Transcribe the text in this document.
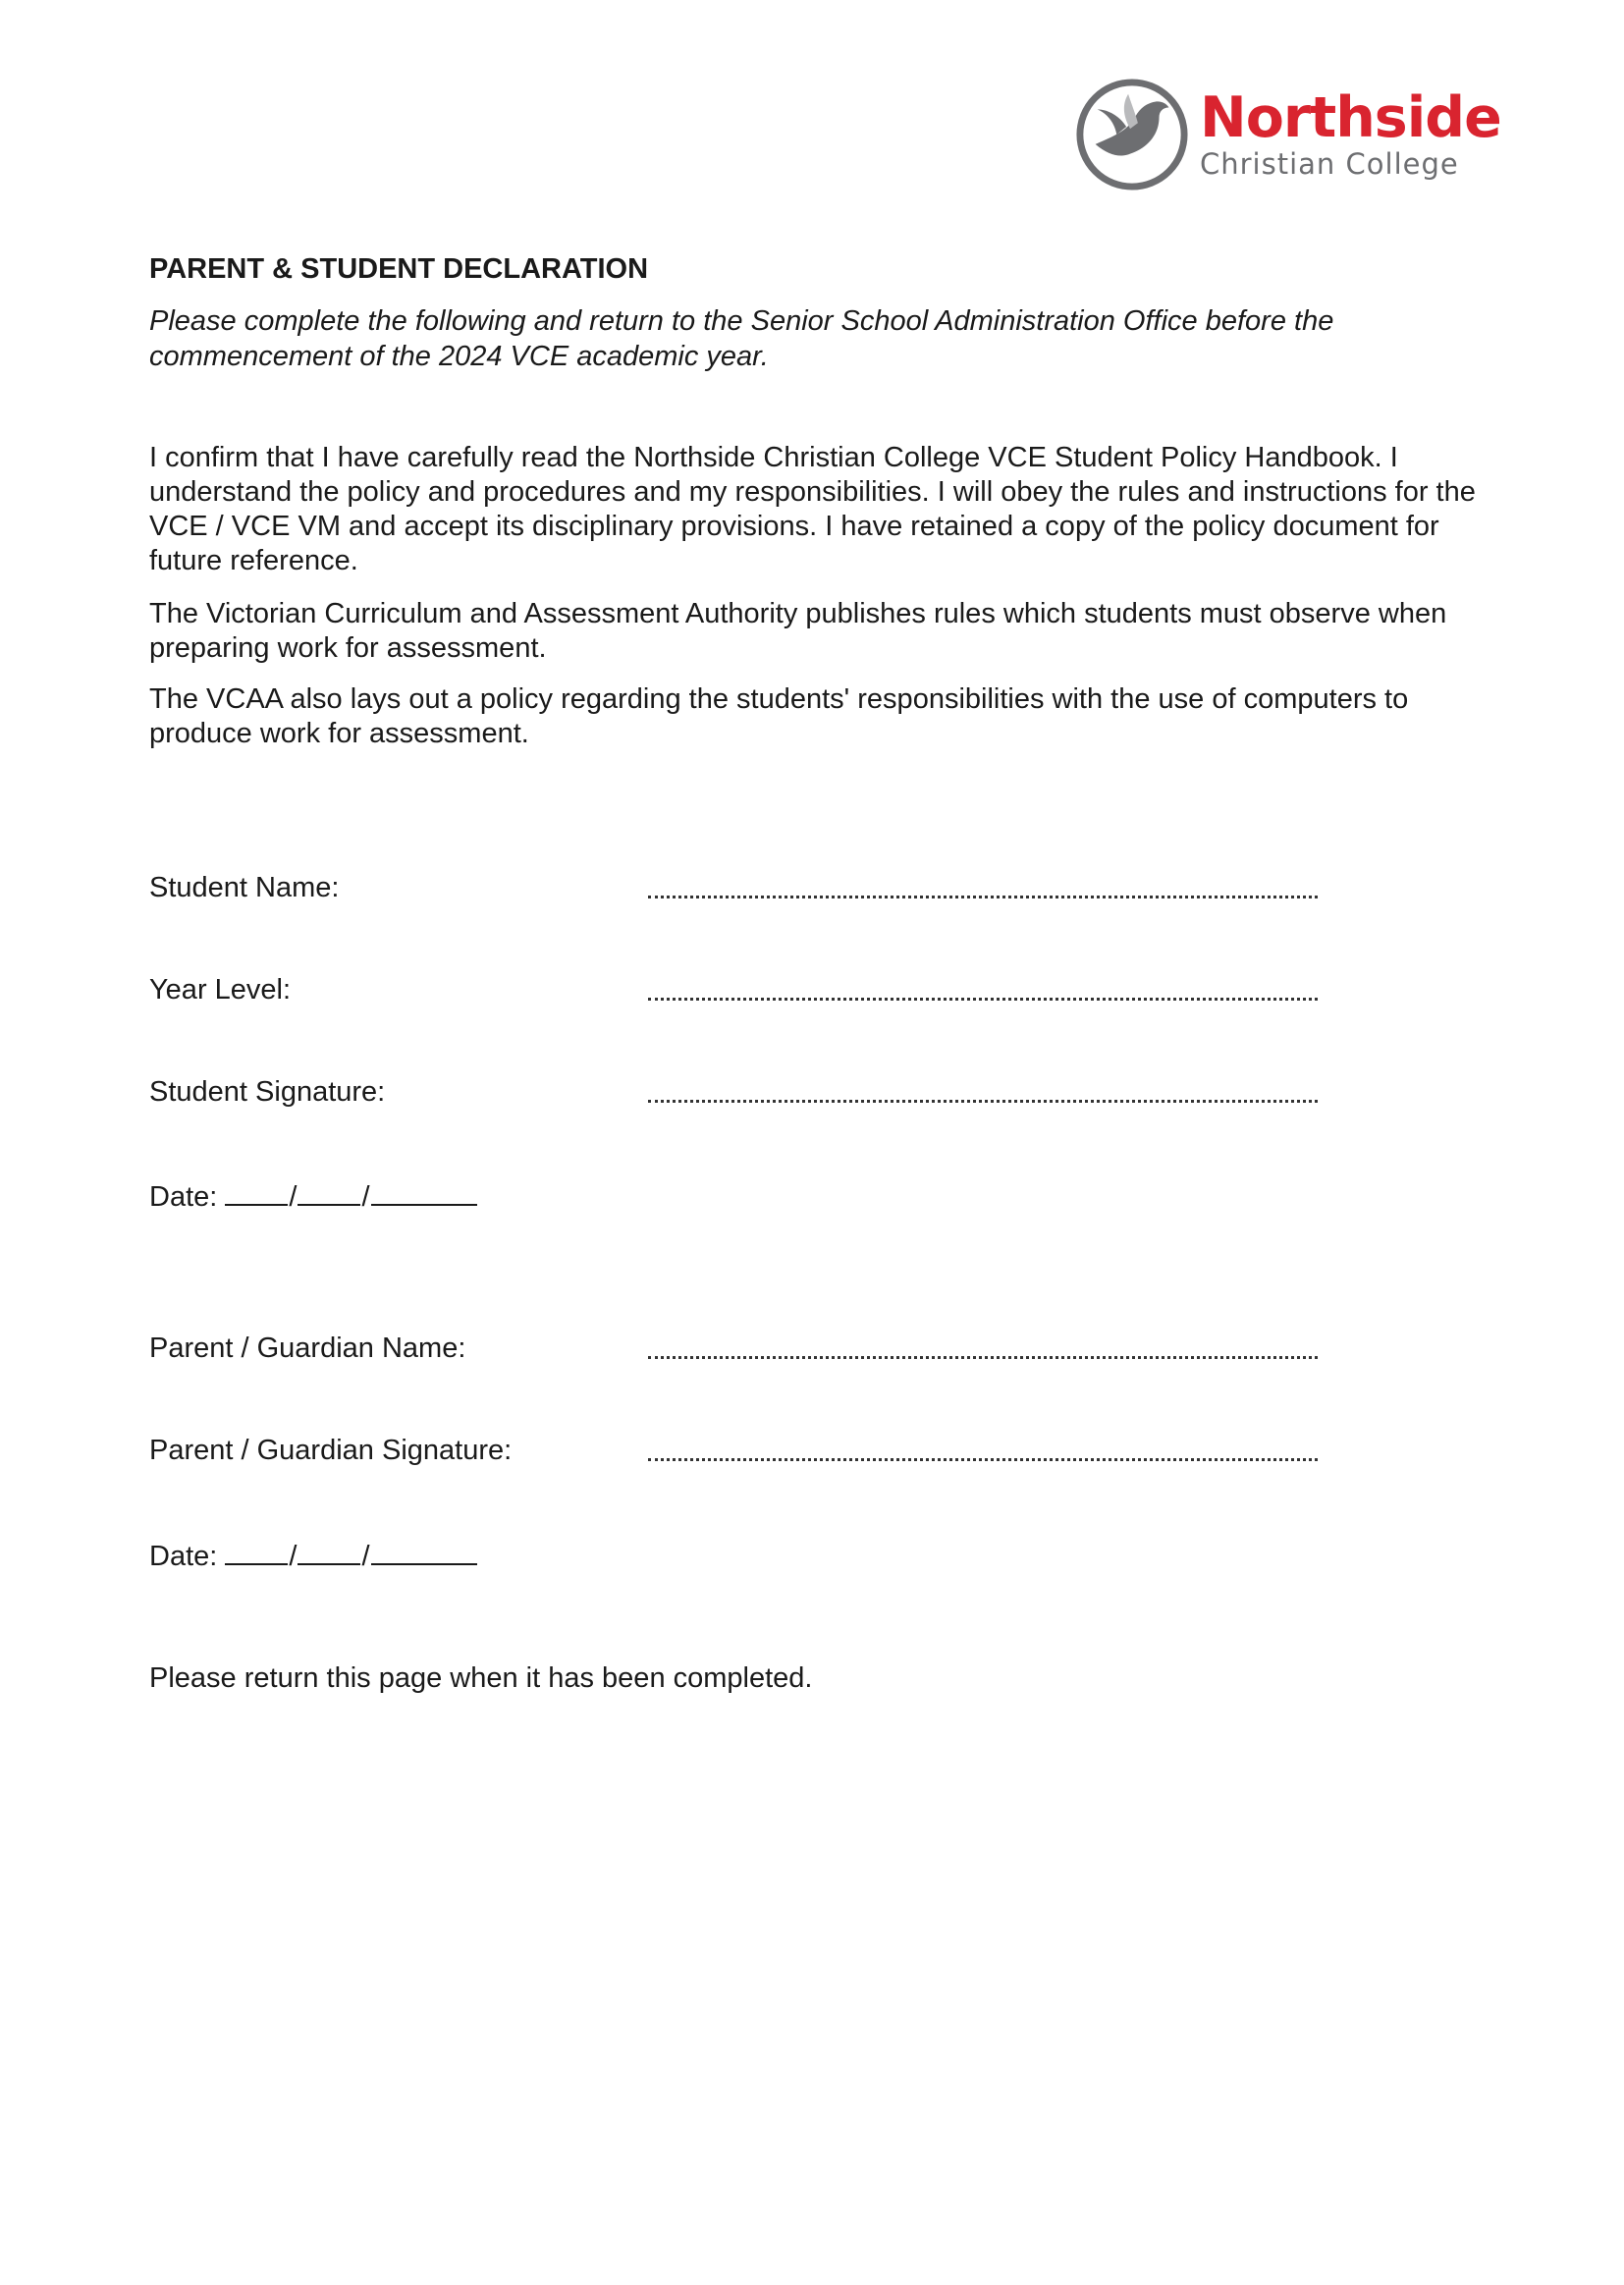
Northside
Christian College
PARENT & STUDENT DECLARATION
Please complete the following and return to the Senior School Administration Office before the commencement of the 2024 VCE academic year.
I confirm that I have carefully read the Northside Christian College VCE Student Policy Handbook. I understand the policy and procedures and my responsibilities. I will obey the rules and instructions for the VCE / VCE VM and accept its disciplinary provisions. I have retained a copy of the policy document for future reference.
The Victorian Curriculum and Assessment Authority publishes rules which students must observe when preparing work for assessment.
The VCAA also lays out a policy regarding the students' responsibilities with the use of computers to produce work for assessment.
Student Name:
Year Level:
Student Signature:
Date:	/ /
Parent / Guardian Name:
Parent / Guardian Signature:
Date:	/ /
Please return this page when it has been completed.
